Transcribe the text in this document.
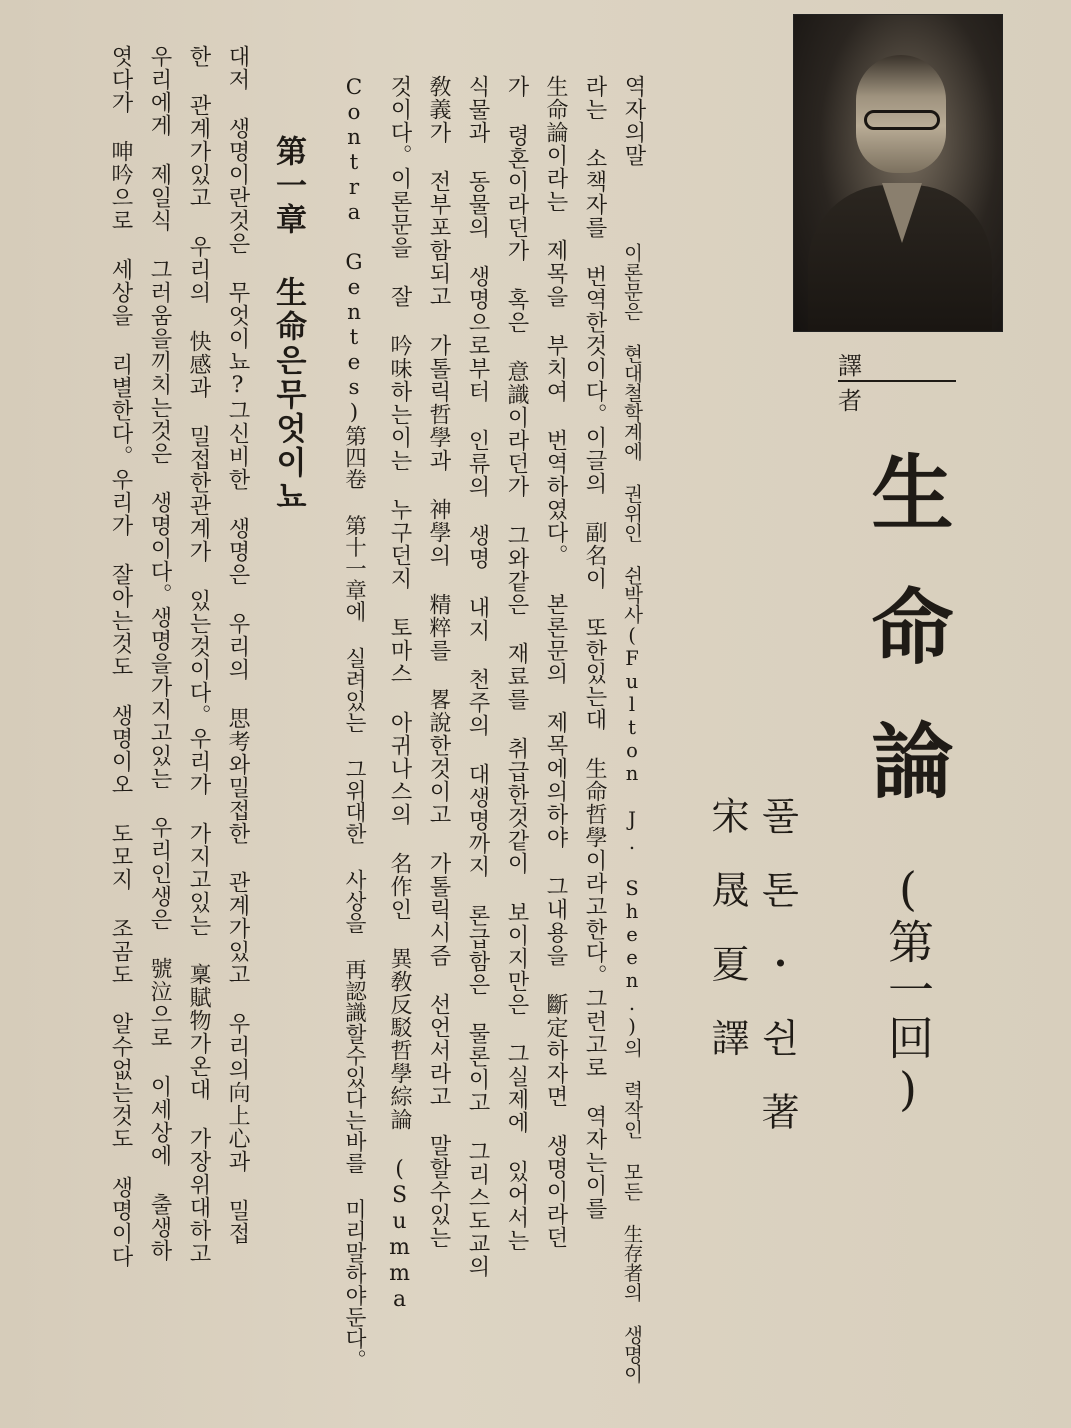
譯者
生命論
(第一回)
풀톤・쉰著
宋晟夏譯
역자의말
이론문은 현대철학계에 권위인 쉰박사(Fulton J. Sheen.)의 력작인 모든 生存者의 생명이
라는 소책자를 번역한것이다。이글의 副名이 또한있는대 生命哲學이라고한다。그런고로 역자는이를
生命論이라는 제목을 부치여 번역하였다。 본론문의 제목에의하야 그내용을 斷定하자면 생명이라던
가 령혼이라던가 혹은 意識이라던가 그와같은 재료를 취급한것같이 보이지만은 그실제에 있어서는
식물과 동물의 생명으로부터 인류의 생명 내지 천주의 대생명까지 론급함은 물론이고 그리스도교의
敎義가 전부포함되고 가톨릭哲學과 神學의 精粹를 畧說한것이고 가톨릭시즘 선언서라고 말할수있는
것이다。이론문을 잘 吟味하는이는 누구던지 토마스 아귀나스의 名作인 異敎反駁哲學綜論 (Summa
Contra Gentes)第四卷 第十一章에 실려있는 그위대한 사상을 再認識할수있다는바를 미리말하야둔다。
第一章 生命은무엇이뇨
대저 생명이란것은 무엇이뇨?그신비한 생명은 우리의 思考와밀접한 관계가있고 우리의向上心과 밀접
한 관계가있고 우리의 快感과 밀접한관계가 있는것이다。우리가 가지고있는 稟賦物가온대 가장위대하고
우리에게 제일식 그러움을끼치는것은 생명이다。생명을가지고있는 우리인생은 號泣으로 이세상에 출생하
엿다가 呻吟으로 세상을 리별한다。우리가 잘아는것도 생명이오 도모지 조곰도 알수없는것도 생명이다
